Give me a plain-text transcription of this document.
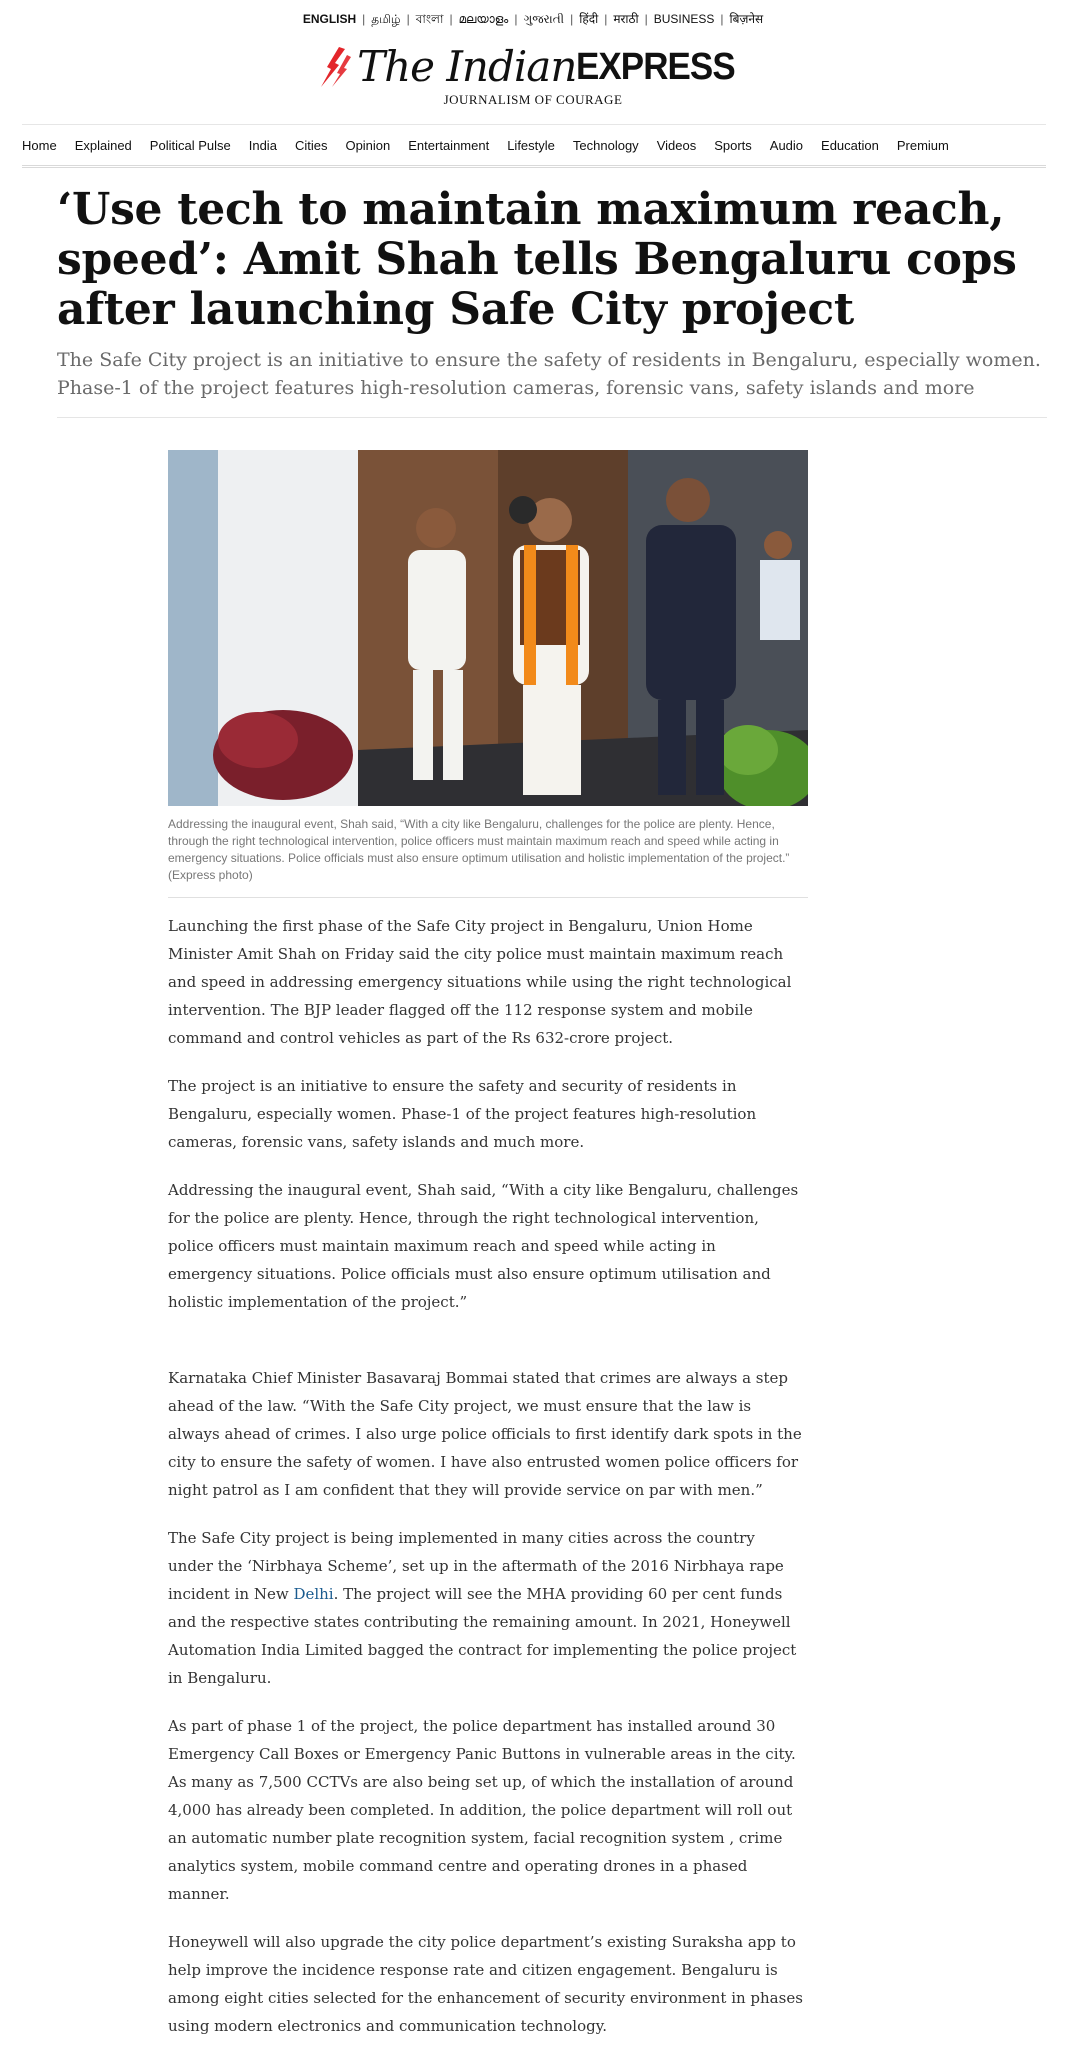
ENGLISH | தமிழ் | বাংলা | മലയാളം | ગુજરાતી | हिंदी | मराठी | BUSINESS | बिज़नेस
The Indian EXPRESS
JOURNALISM OF COURAGE
Home Explained Political Pulse India Cities Opinion Entertainment Lifestyle Technology Videos Sports Audio Education Premium
‘Use tech to maintain maximum reach, speed’: Amit Shah tells Bengaluru cops after launching Safe City project

The Safe City project is an initiative to ensure the safety of residents in Bengaluru, especially women. Phase-1 of the project features high-resolution cameras, forensic vans, safety islands and more

Addressing the inaugural event, Shah said, “With a city like Bengaluru, challenges for the police are plenty. Hence, through the right technological intervention, police officers must maintain maximum reach and speed while acting in emergency situations. Police officials must also ensure optimum utilisation and holistic implementation of the project.” (Express photo)

Launching the first phase of the Safe City project in Bengaluru, Union Home Minister Amit Shah on Friday said the city police must maintain maximum reach and speed in addressing emergency situations while using the right technological intervention. The BJP leader flagged off the 112 response system and mobile command and control vehicles as part of the Rs 632-crore project.

The project is an initiative to ensure the safety and security of residents in Bengaluru, especially women. Phase-1 of the project features high-resolution cameras, forensic vans, safety islands and much more.

Addressing the inaugural event, Shah said, “With a city like Bengaluru, challenges for the police are plenty. Hence, through the right technological intervention, police officers must maintain maximum reach and speed while acting in emergency situations. Police officials must also ensure optimum utilisation and holistic implementation of the project.”

Karnataka Chief Minister Basavaraj Bommai stated that crimes are always a step ahead of the law. “With the Safe City project, we must ensure that the law is always ahead of crimes. I also urge police officials to first identify dark spots in the city to ensure the safety of women. I have also entrusted women police officers for night patrol as I am confident that they will provide service on par with men.”

The Safe City project is being implemented in many cities across the country under the ‘Nirbhaya Scheme’, set up in the aftermath of the 2016 Nirbhaya rape incident in New Delhi. The project will see the MHA providing 60 per cent funds and the respective states contributing the remaining amount. In 2021, Honeywell Automation India Limited bagged the contract for implementing the police project in Bengaluru.

As part of phase 1 of the project, the police department has installed around 30 Emergency Call Boxes or Emergency Panic Buttons in vulnerable areas in the city. As many as 7,500 CCTVs are also being set up, of which the installation of around 4,000 has already been completed. In addition, the police department will roll out an automatic number plate recognition system, facial recognition system , crime analytics system, mobile command centre and operating drones in a phased manner.

Honeywell will also upgrade the city police department’s existing Suraksha app to help improve the incidence response rate and citizen engagement. Bengaluru is among eight cities selected for the enhancement of security environment in phases using modern electronics and communication technology.
